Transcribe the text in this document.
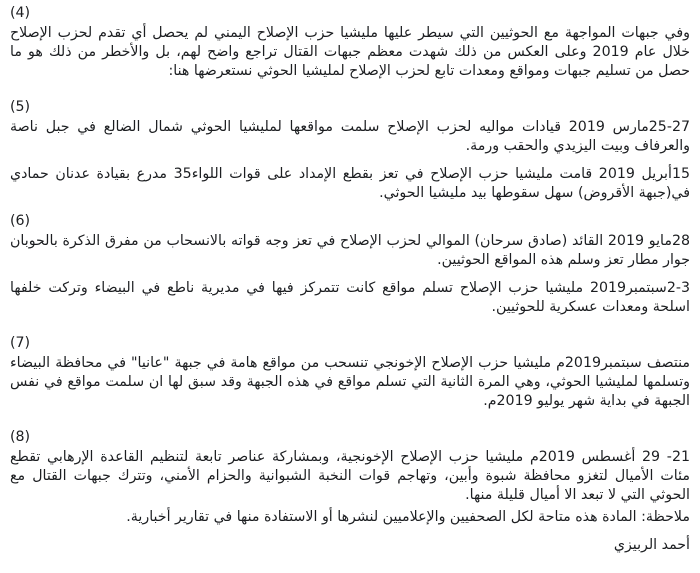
(4)

وفي جبهات المواجهة مع الحوثيين التي سيطر عليها مليشيا حزب الإصلاح اليمني لم يحصل أي تقدم لحزب الإصلاح خلال عام 2019 وعلى العكس من ذلك شهدت معظم جبهات القتال تراجع واضح لهم، بل والأخطر من ذلك هو ما حصل من تسليم جبهات ومواقع ومعدات تابع لحزب الإصلاح لمليشيا الحوثي نستعرضها هنا:

(5)

25-27مارس 2019 قيادات مواليه لحزب الإصلاح سلمت مواقعها لمليشيا الحوثي شمال الضالع في جبل ناصة والعرفاف وبيت اليزيدي والحقب ورمة.

15أبريل 2019 قامت مليشيا حزب الإصلاح في تعز بقطع الإمداد على قوات اللواء35 مدرع بقيادة عدنان حمادي في(جبهة الأقروض) سهل سقوطها بيد مليشيا الحوثي.

(6)

28مايو 2019 القائد (صادق سرحان) الموالي لحزب الإصلاح في تعز وجه قواته بالانسحاب من مفرق الذكرة بالحوبان جوار مطار تعز وسلم هذه المواقع الحوثيين.

2-3سبتمبر2019 مليشيا حزب الإصلاح تسلم مواقع كانت تتمركز فيها في مديرية ناطع في البيضاء وتركت خلفها اسلحة ومعدات عسكرية للحوثيين.

(7)

منتصف سبتمبر2019م مليشيا حزب الإصلاح الإخونجي تنسحب من مواقع هامة في جبهة "عانيا" في محافظة البيضاء وتسلمها لمليشيا الحوثي، وهي المرة الثانية التي تسلم مواقع في هذه الجبهة وقد سبق لها ان سلمت مواقع في نفس الجبهة في بداية شهر يوليو 2019م.

(8)

21- 29 أغسطس 2019م مليشيا حزب الإصلاح الإخونجية، وبمشاركة عناصر تابعة لتنظيم القاعدة الإرهابي تقطع مئات الأميال لتغزو محافظة شبوة وأبين، وتهاجم قوات النخبة الشبوانية والحزام الأمني، وتترك جبهات القتال مع الحوثي التي لا تبعد الا أميال قليلة منها.

ملاحظة: المادة هذه متاحة لكل الصحفيين والإعلاميين لنشرها أو الاستفادة منها في تقارير أخبارية.

أحمد الربيزي
